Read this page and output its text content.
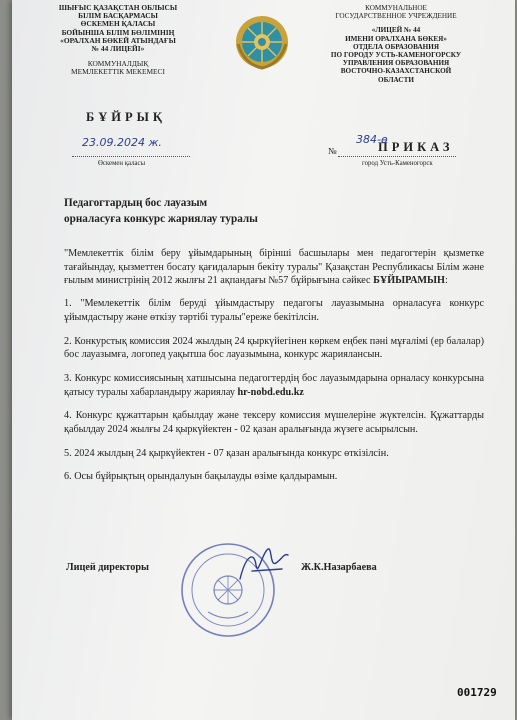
ШЫҒЫС ҚАЗАҚСТАН ОБЛЫСЫ
БІЛІМ БАСҚАРМАСЫ
ӨСКЕМЕН ҚАЛАСЫ
БОЙЫНША БІЛІМ БӨЛІМІНІҢ
«ОРАЛХАН БӨКЕЙ АТЫНДАҒЫ
№ 44 ЛИЦЕЙІ»
КОММУНАЛДЫҚ
МЕМЛЕКЕТТІК МЕКЕМЕСІ
КОММУНАЛЬНОЕ
ГОСУДАРСТВЕННОЕ УЧРЕЖДЕНИЕ
«ЛИЦЕЙ № 44
ИМЕНИ ОРАЛХАНА БӨКЕЯ»
ОТДЕЛА ОБРАЗОВАНИЯ
ПО ГОРОДУ УСТЬ-КАМЕНОГОРСКУ
УПРАВЛЕНИЯ ОБРАЗОВАНИЯ
ВОСТОЧНО-КАЗАХСТАНСКОЙ ОБЛАСТИ
БҰЙРЫҚ
ПРИКАЗ
23.09.2024 ж.
Өскемен қаласы
№
384-ө
город Усть-Каменогорск
Педагогтардың бос лауазым
орналасуға конкурс жариялау туралы

"Мемлекеттік білім беру ұйымдарының бірінші басшылары мен педагогтерін қызметке тағайындау, қызметтен босату қағидаларын бекіту туралы" Қазақстан Республикасы Білім және ғылым министрінің 2012 жылғы 21 ақпандағы №57 бұйрығына сәйкес БҰЙЫРАМЫН:

1. "Мемлекеттік білім беруді ұйымдастыру педагогы лауазымына орналасуға конкурс ұйымдастыру және өткізу тәртібі туралы"ереже бекітілсін.

2. Конкурстық комиссия 2024 жылдың 24 қыркүйегінен көркем еңбек пәні мұғалімі (ер балалар) бос лауазымға, логопед уақытша бос лауазымына, конкурс жариялансын.

3. Конкурс комиссиясының хатшысына педагогтердің бос лауазымдарына орналасу конкурсына қатысу туралы хабарландыру жариялау hr-nobd.edu.kz

4. Конкурс құжаттарын қабылдау және тексеру комиссия мүшелеріне жүктелсін. Құжаттарды қабылдау 2024 жылғы 24 қыркүйектен - 02 қазан аралығында жүзеге асырылсын.

5. 2024 жылдың 24 қыркүйектен - 07 қазан аралығында конкурс өткізілсін.

6. Осы бұйрықтың орындалуын бақылауды өзіме қалдырамын.

Лицей директоры	Ж.К.Назарбаева
001729
